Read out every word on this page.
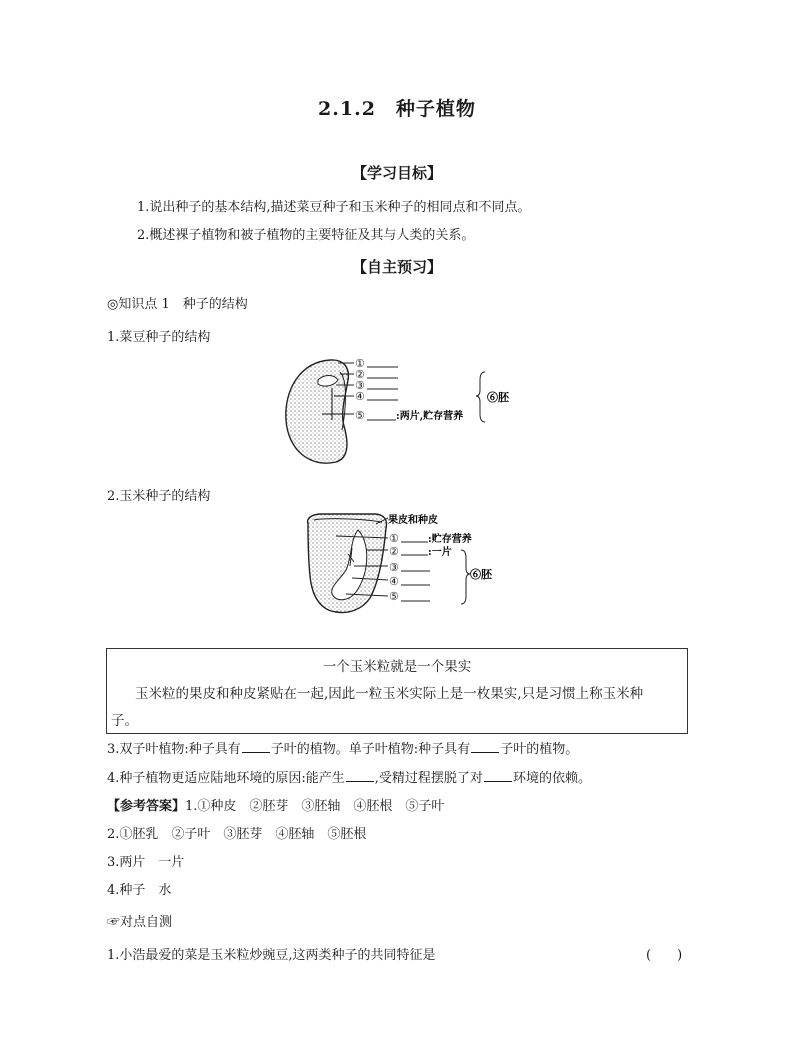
2.1.2　种子植物
【学习目标】
1.说出种子的基本结构,描述菜豆种子和玉米种子的相同点和不同点。
2.概述裸子植物和被子植物的主要特征及其与人类的关系。
【自主预习】
◎知识点 1　种子的结构
1.菜豆种子的结构
①
②
③
④
⑤	:两片,贮存营养
⑥胚
2.玉米种子的结构
果皮和种皮
①
②
③
④
⑤
:贮存营养
:一片
⑥胚
一个玉米粒就是一个果实
玉米粒的果皮和种皮紧贴在一起,因此一粒玉米实际上是一枚果实,只是习惯上称玉米种
子。
3.双子叶植物:种子具有 子叶的植物。单子叶植物:种子具有 子叶的植物。
4.种子植物更适应陆地环境的原因:能产生 ,受精过程摆脱了对 环境的依赖。
【参考答案】1.①种皮　②胚芽　③胚轴　④胚根　⑤子叶
2.①胚乳　②子叶　③胚芽　④胚轴　⑤胚根
3.两片　一片
4.种子　水
☞对点自测
1.小浩最爱的菜是玉米粒炒豌豆,这两类种子的共同特征是	(　　)
